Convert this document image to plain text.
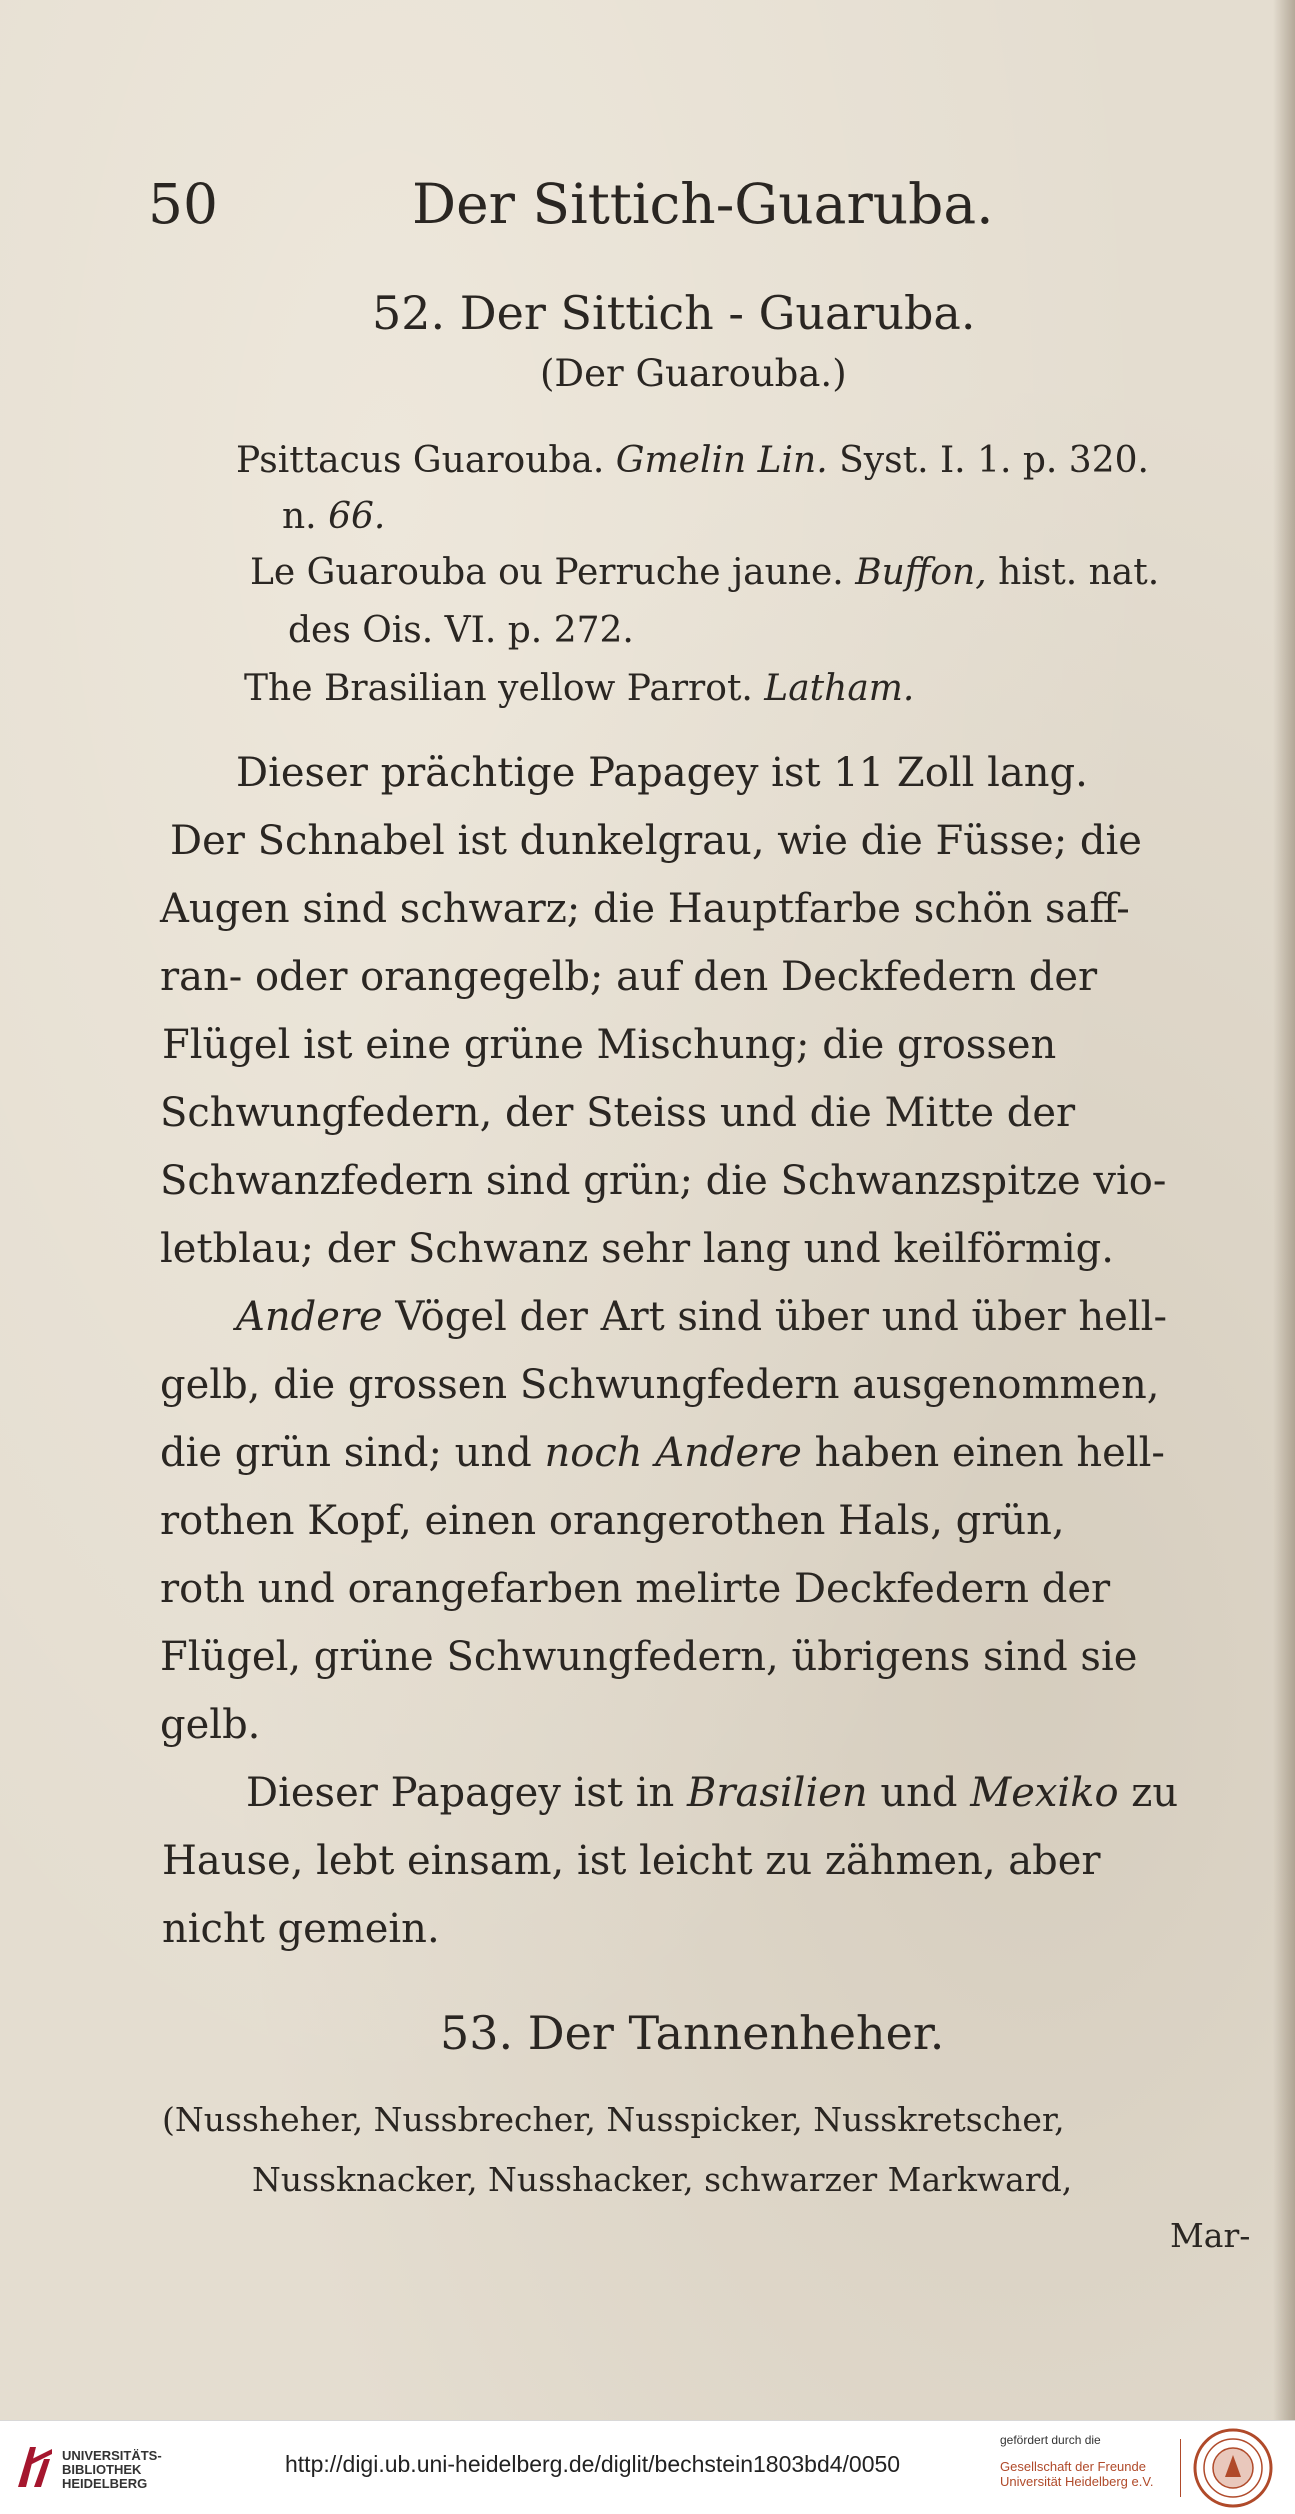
50	Der Sittich-Guaruba.
52. Der Sittich - Guaruba.
(Der Guarouba.)
Psittacus Guarouba. Gmelin Lin. Syst. I. 1. p. 320.
n. 66.
Le Guarouba ou Perruche jaune. Buffon, hist. nat.
des Ois. VI. p. 272.
The Brasilian yellow Parrot. Latham.
Dieser prächtige Papagey ist 11 Zoll lang.
Der Schnabel ist dunkelgrau, wie die Füsse; die
Augen sind schwarz; die Hauptfarbe schön saff-
ran- oder orangegelb; auf den Deckfedern der
Flügel ist eine grüne Mischung; die grossen
Schwungfedern, der Steiss und die Mitte der
Schwanzfedern sind grün; die Schwanzspitze vio-
letblau; der Schwanz sehr lang und keilförmig.
Andere Vögel der Art sind über und über hell-
gelb, die grossen Schwungfedern ausgenommen,
die grün sind; und noch Andere haben einen hell-
rothen Kopf, einen orangerothen Hals, grün,
roth und orangefarben melirte Deckfedern der
Flügel, grüne Schwungfedern, übrigens sind sie
gelb.
Dieser Papagey ist in Brasilien und Mexiko zu
Hause, lebt einsam, ist leicht zu zähmen, aber
nicht gemein.
53. Der Tannenheher.
(Nussheher, Nussbrecher, Nusspicker, Nusskretscher,
Nussknacker, Nusshacker, schwarzer Markward,
Mar-
UNIVERSITÄTS-
BIBLIOTHEK
HEIDELBERG
http://digi.ub.uni-heidelberg.de/diglit/bechstein1803bd4/0050
gefördert durch die
Gesellschaft der Freunde
Universität Heidelberg e.V.
